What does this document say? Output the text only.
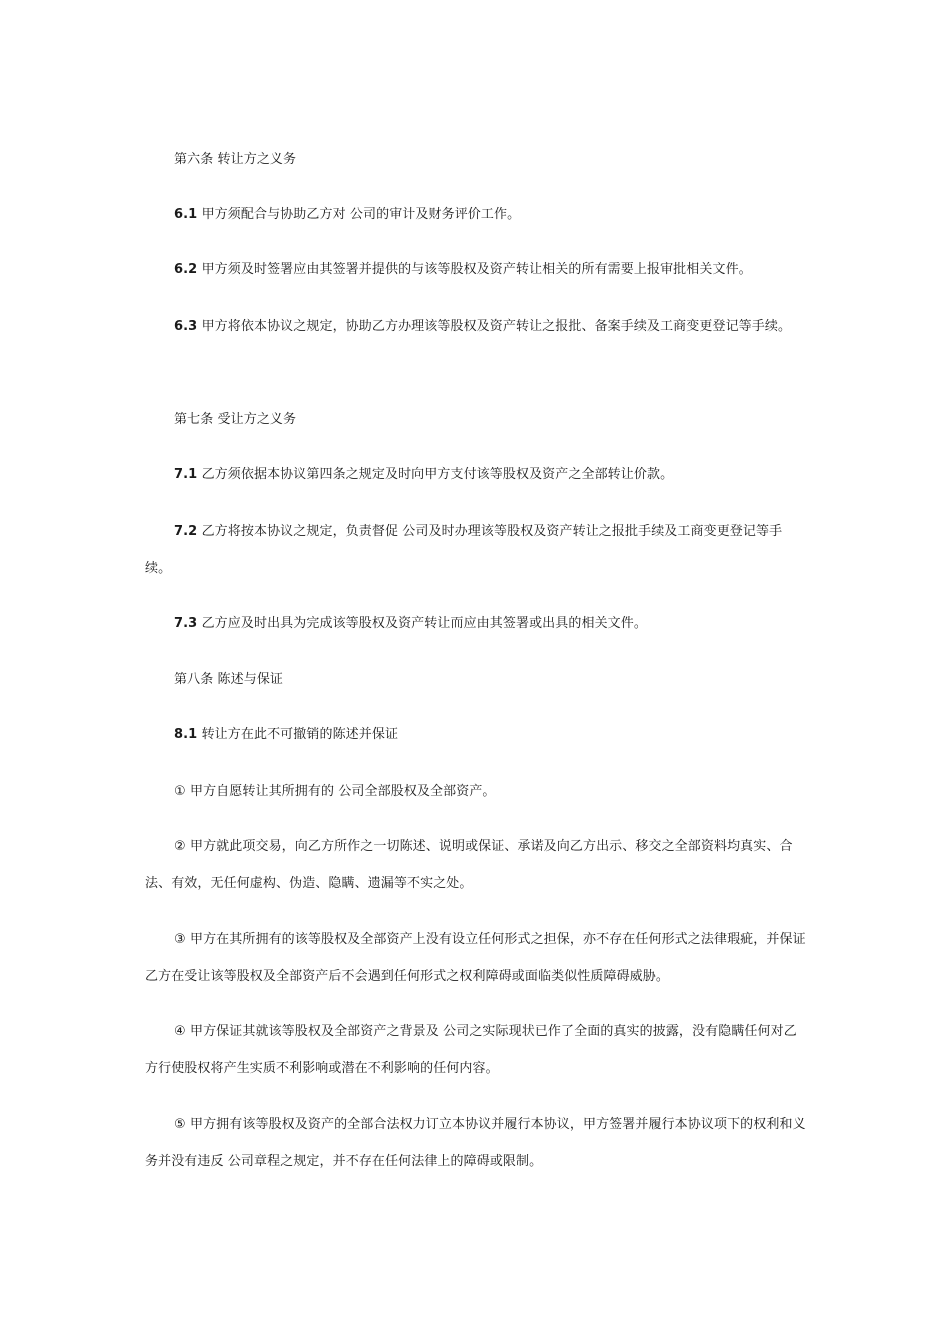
第六条 转让方之义务
6.1 甲方须配合与协助乙方对 公司的审计及财务评价工作。
6.2 甲方须及时签署应由其签署并提供的与该等股权及资产转让相关的所有需要上报审批相关文件。
6.3 甲方将依本协议之规定，协助乙方办理该等股权及资产转让之报批、备案手续及工商变更登记等手续。
第七条 受让方之义务
7.1 乙方须依据本协议第四条之规定及时向甲方支付该等股权及资产之全部转让价款。
7.2 乙方将按本协议之规定，负责督促 公司及时办理该等股权及资产转让之报批手续及工商变更登记等手续。
7.3 乙方应及时出具为完成该等股权及资产转让而应由其签署或出具的相关文件。
第八条 陈述与保证
8.1 转让方在此不可撤销的陈述并保证
① 甲方自愿转让其所拥有的 公司全部股权及全部资产。
② 甲方就此项交易，向乙方所作之一切陈述、说明或保证、承诺及向乙方出示、移交之全部资料均真实、合法、有效，无任何虚构、伪造、隐瞒、遗漏等不实之处。
③ 甲方在其所拥有的该等股权及全部资产上没有设立任何形式之担保，亦不存在任何形式之法律瑕疵，并保证乙方在受让该等股权及全部资产后不会遇到任何形式之权利障碍或面临类似性质障碍威胁。
④ 甲方保证其就该等股权及全部资产之背景及 公司之实际现状已作了全面的真实的披露，没有隐瞒任何对乙方行使股权将产生实质不利影响或潜在不利影响的任何内容。
⑤ 甲方拥有该等股权及资产的全部合法权力订立本协议并履行本协议，甲方签署并履行本协议项下的权利和义务并没有违反 公司章程之规定，并不存在任何法律上的障碍或限制。
